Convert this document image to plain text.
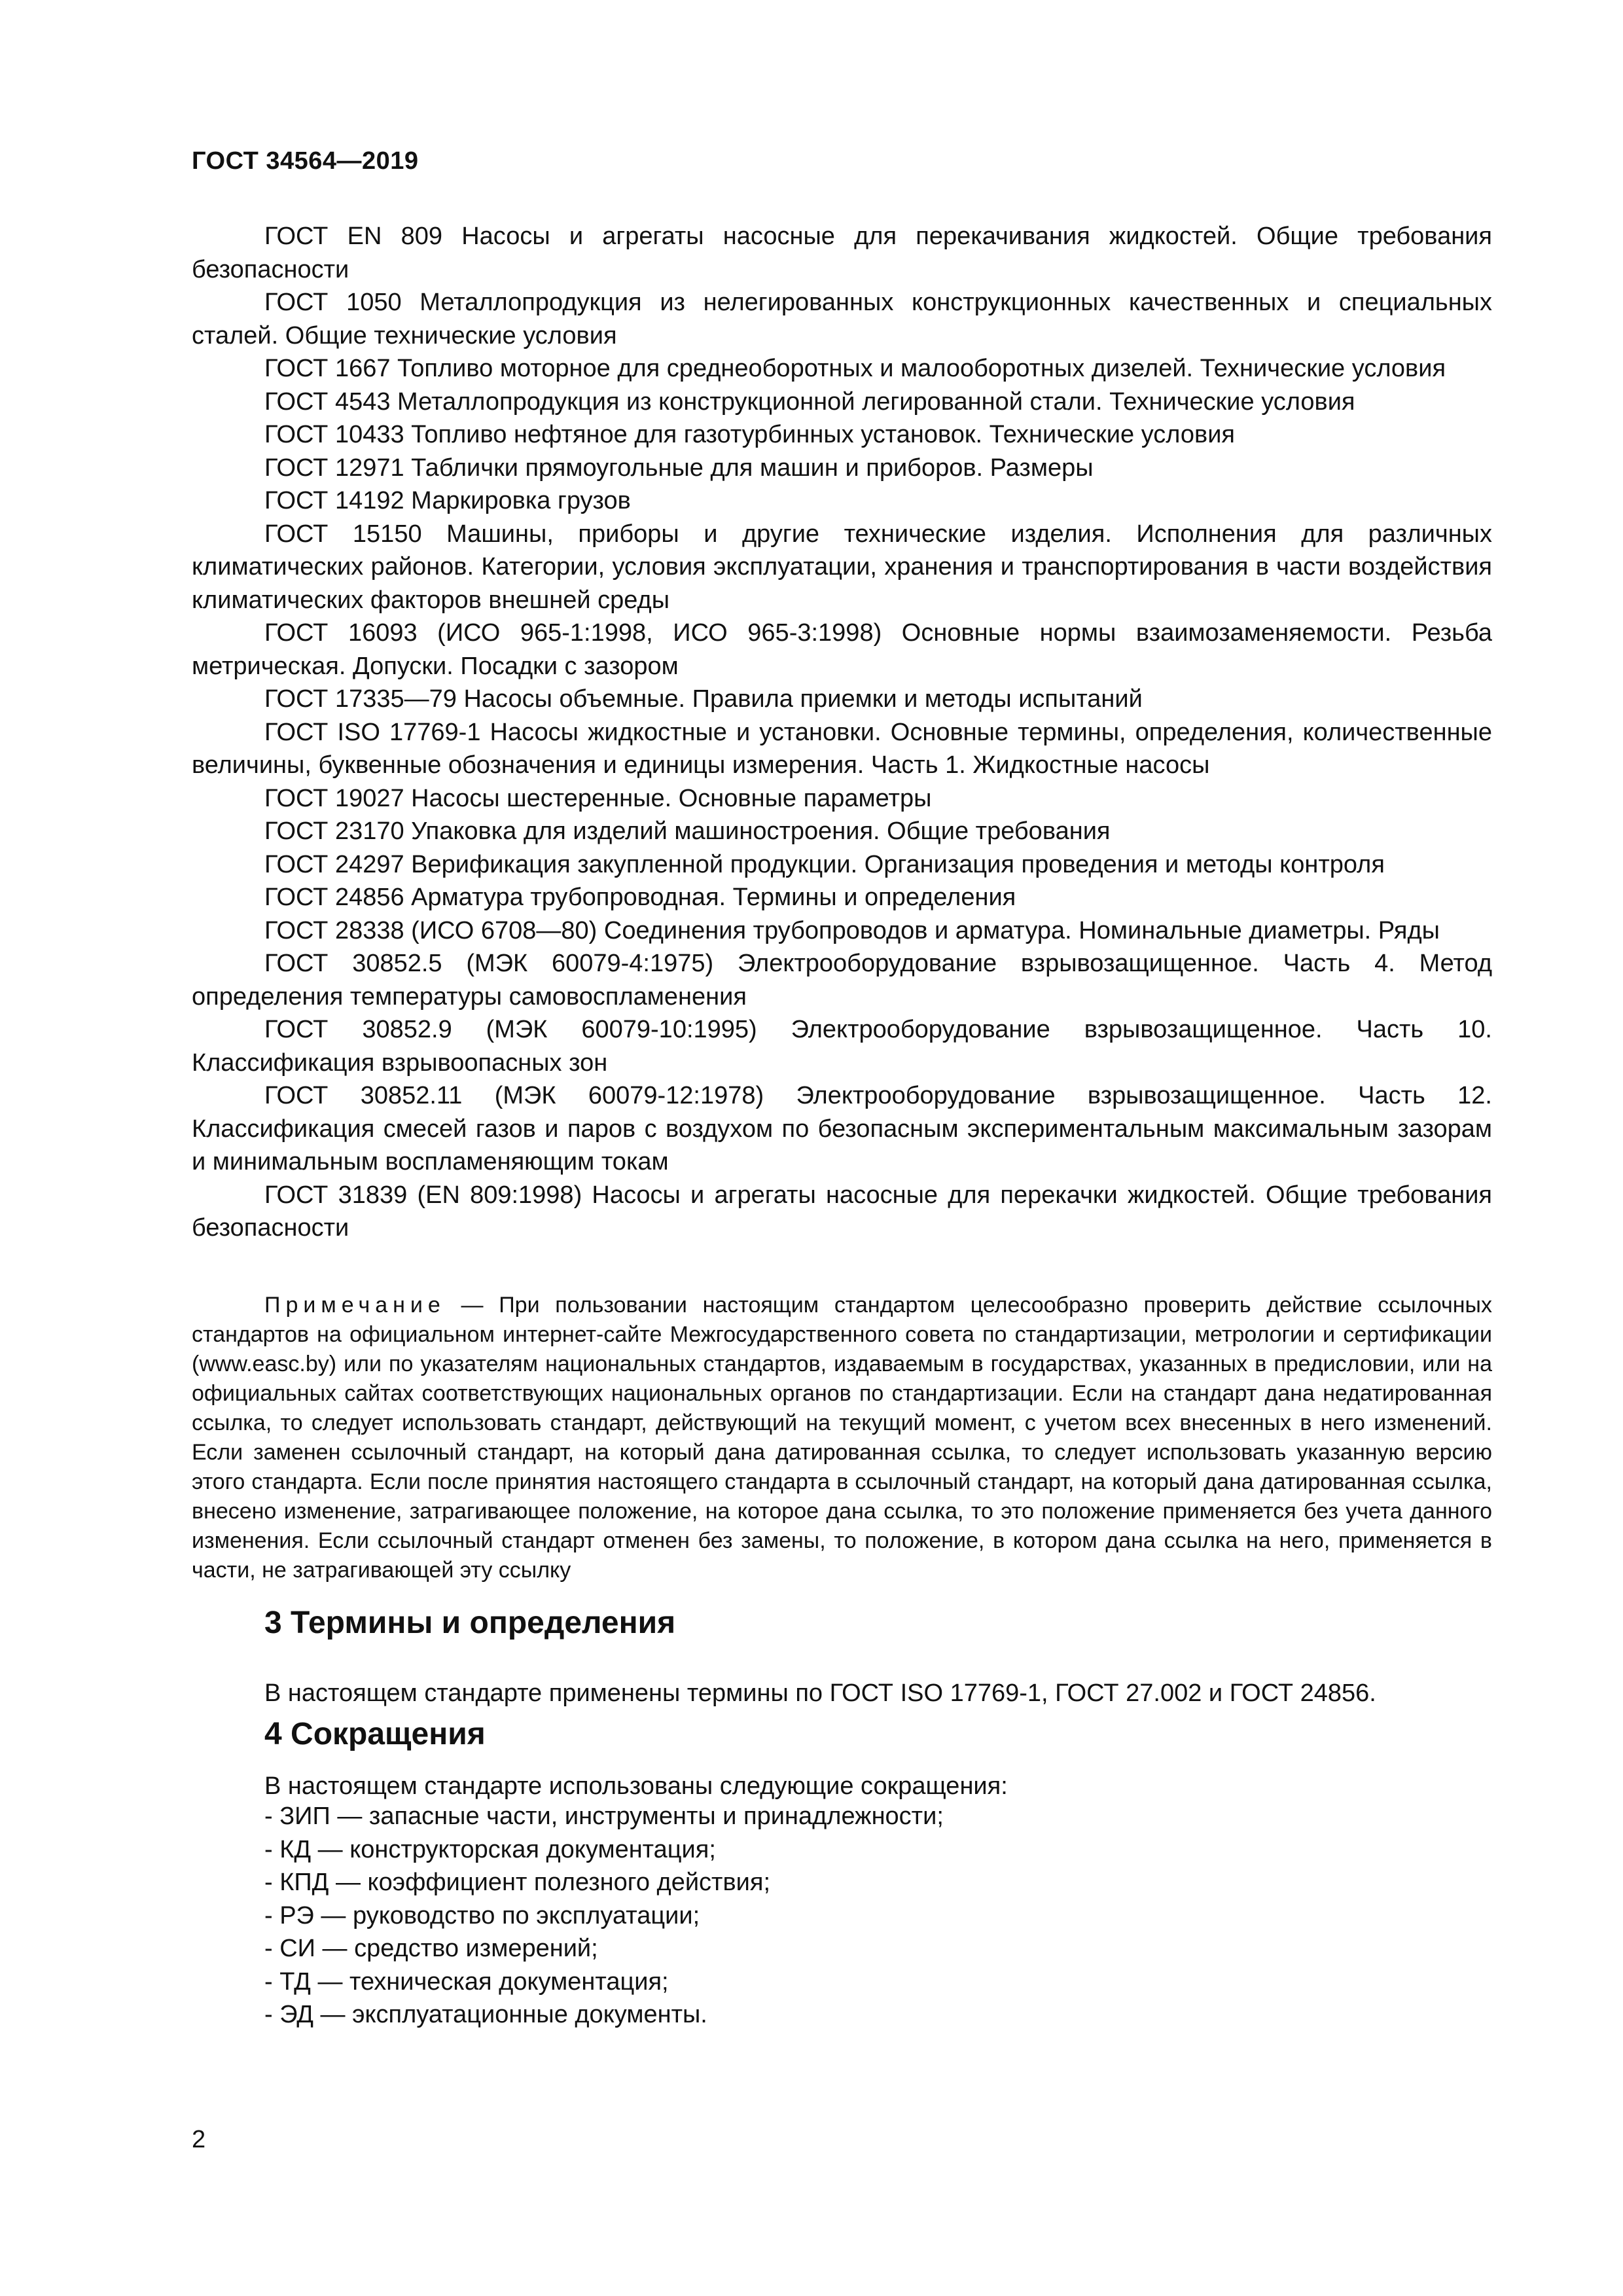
ГОСТ 34564—2019

ГОСТ EN 809 Насосы и агрегаты насосные для перекачивания жидкостей. Общие требования безопасности

ГОСТ 1050 Металлопродукция из нелегированных конструкционных качественных и специальных сталей. Общие технические условия

ГОСТ 1667 Топливо моторное для среднеоборотных и малооборотных дизелей. Технические условия

ГОСТ 4543 Металлопродукция из конструкционной легированной стали. Технические условия

ГОСТ 10433 Топливо нефтяное для газотурбинных установок. Технические условия

ГОСТ 12971 Таблички прямоугольные для машин и приборов. Размеры

ГОСТ 14192 Маркировка грузов

ГОСТ 15150 Машины, приборы и другие технические изделия. Исполнения для различных климатических районов. Категории, условия эксплуатации, хранения и транспортирования в части воздействия климатических факторов внешней среды

ГОСТ 16093 (ИСО 965-1:1998, ИСО 965-3:1998) Основные нормы взаимозаменяемости. Резьба метрическая. Допуски. Посадки с зазором

ГОСТ 17335—79 Насосы объемные. Правила приемки и методы испытаний

ГОСТ ISO 17769-1 Насосы жидкостные и установки. Основные термины, определения, количественные величины, буквенные обозначения и единицы измерения. Часть 1. Жидкостные насосы

ГОСТ 19027 Насосы шестеренные. Основные параметры

ГОСТ 23170 Упаковка для изделий машиностроения. Общие требования

ГОСТ 24297 Верификация закупленной продукции. Организация проведения и методы контроля

ГОСТ 24856 Арматура трубопроводная. Термины и определения

ГОСТ 28338 (ИСО 6708—80) Соединения трубопроводов и арматура. Номинальные диаметры. Ряды

ГОСТ 30852.5 (МЭК 60079-4:1975) Электрооборудование взрывозащищенное. Часть 4. Метод определения температуры самовоспламенения

ГОСТ 30852.9 (МЭК 60079-10:1995) Электрооборудование взрывозащищенное. Часть 10. Классификация взрывоопасных зон

ГОСТ 30852.11 (МЭК 60079-12:1978) Электрооборудование взрывозащищенное. Часть 12. Классификация смесей газов и паров с воздухом по безопасным экспериментальным максимальным зазорам и минимальным воспламеняющим токам

ГОСТ 31839 (EN 809:1998) Насосы и агрегаты насосные для перекачки жидкостей. Общие требования безопасности

Примечание — При пользовании настоящим стандартом целесообразно проверить действие ссылочных стандартов на официальном интернет-сайте Межгосударственного совета по стандартизации, метрологии и сертификации (www.easc.by) или по указателям национальных стандартов, издаваемым в государствах, указанных в предисловии, или на официальных сайтах соответствующих национальных органов по стандартизации. Если на стандарт дана недатированная ссылка, то следует использовать стандарт, действующий на текущий момент, с учетом всех внесенных в него изменений. Если заменен ссылочный стандарт, на который дана датированная ссылка, то следует использовать указанную версию этого стандарта. Если после принятия настоящего стандарта в ссылочный стандарт, на который дана датированная ссылка, внесено изменение, затрагивающее положение, на которое дана ссылка, то это положение применяется без учета данного изменения. Если ссылочный стандарт отменен без замены, то положение, в котором дана ссылка на него, применяется в части, не затрагивающей эту ссылку

3 Термины и определения

В настоящем стандарте применены термины по ГОСТ ISO 17769-1, ГОСТ 27.002 и ГОСТ 24856.

4 Сокращения

В настоящем стандарте использованы следующие сокращения:

- ЗИП — запасные части, инструменты и принадлежности;
- КД — конструкторская документация;
- КПД — коэффициент полезного действия;
- РЭ — руководство по эксплуатации;
- СИ — средство измерений;
- ТД — техническая документация;
- ЭД — эксплуатационные документы.
2
